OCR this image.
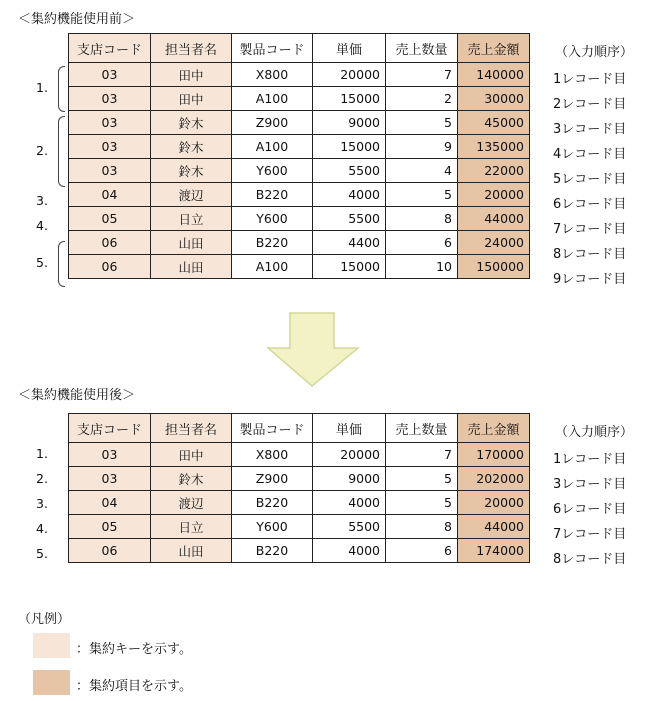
＜集約機能使用前＞
支店コード	担当者名	製品コード	単価	売上数量	売上金額
03	田中	X800	20000	7	140000
03	田中	A100	15000	2	30000
03	鈴木	Z900	9000	5	45000
03	鈴木	A100	15000	9	135000
03	鈴木	Y600	5500	4	22000
04	渡辺	B220	4000	5	20000
05	日立	Y600	5500	8	44000
06	山田	B220	4400	6	24000
06	山田	A100	15000	10	150000
（入力順序）
1レコード目
2レコード目
3レコード目
4レコード目
5レコード目
6レコード目
7レコード目
8レコード目
9レコード目
1.
2.
3.
4.
5.
＜集約機能使用後＞
支店コード	担当者名	製品コード	単価	売上数量	売上金額
03	田中	X800	20000	7	170000
03	鈴木	Z900	9000	5	202000
04	渡辺	B220	4000	5	20000
05	日立	Y600	5500	8	44000
06	山田	B220	4000	6	174000
（入力順序）
1レコード目
3レコード目
6レコード目
7レコード目
8レコード目
1.
2.
3.
4.
5.
（凡例）
：集約キーを示す。
：集約項目を示す。
